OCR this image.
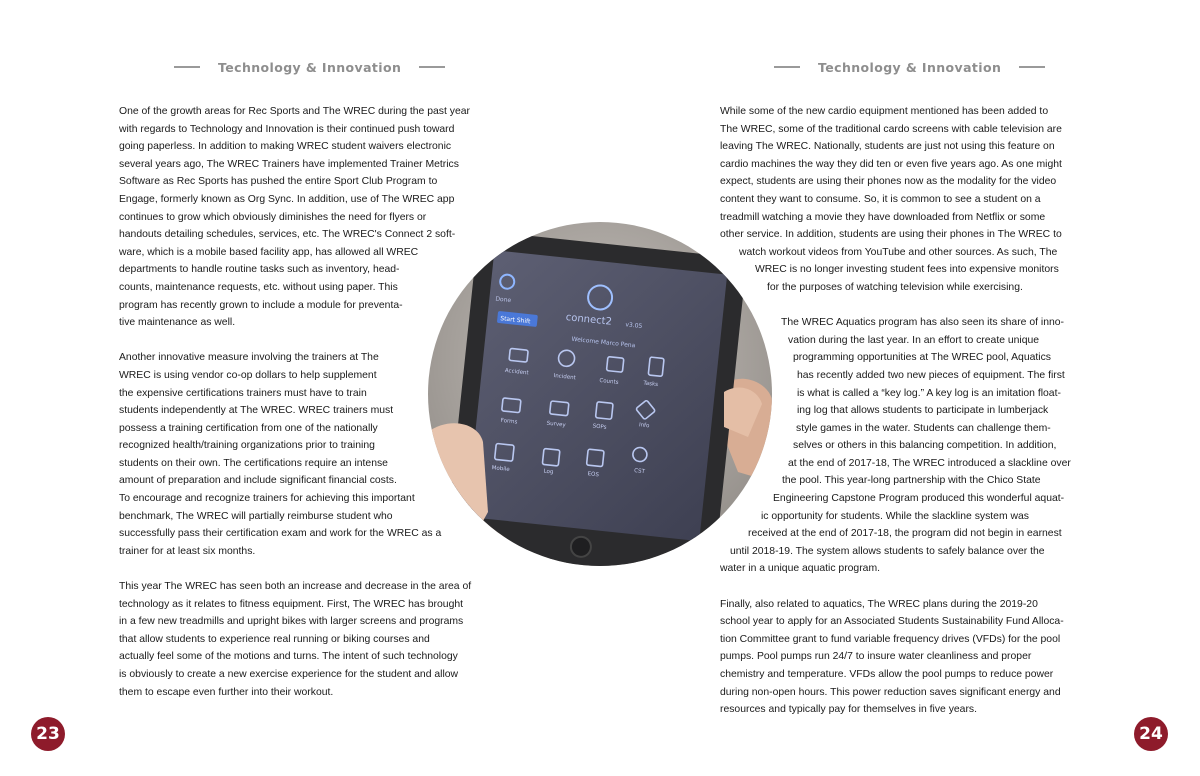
Technology & Innovation	Technology & Innovation
One of the growth areas for Rec Sports and The WREC during the past year
with regards to Technology and Innovation is their continued push toward
going paperless. In addition to making WREC student waivers electronic
several years ago, The WREC Trainers have implemented Trainer Metrics
Software as Rec Sports has pushed the entire Sport Club Program to
Engage, formerly known as Org Sync. In addition, use of The WREC app
continues to grow which obviously diminishes the need for flyers or
handouts detailing schedules, services, etc. The WREC's Connect 2 soft-
ware, which is a mobile based facility app, has allowed all WREC
departments to handle routine tasks such as inventory, head-
counts, maintenance requests, etc. without using paper. This
program has recently grown to include a module for preventa-
tive maintenance as well.
Another innovative measure involving the trainers at The
WREC is using vendor co-op dollars to help supplement
the expensive certifications trainers must have to train
students independently at The WREC. WREC trainers must
possess a training certification from one of the nationally
recognized health/training organizations prior to training
students on their own. The certifications require an intense
amount of preparation and include significant financial costs.
To encourage and recognize trainers for achieving this important
benchmark, The WREC will partially reimburse student who
successfully pass their certification exam and work for the WREC as a
trainer for at least six months.
This year The WREC has seen both an increase and decrease in the area of
technology as it relates to fitness equipment. First, The WREC has brought
in a few new treadmills and upright bikes with larger screens and programs
that allow students to experience real running or biking courses and
actually feel some of the motions and turns. The intent of such technology
is obviously to create a new exercise experience for the student and allow
them to escape even further into their workout.
While some of the new cardio equipment mentioned has been added to
The WREC, some of the traditional cardo screens with cable television are
leaving The WREC. Nationally, students are just not using this feature on
cardio machines the way they did ten or even five years ago. As one might
expect, students are using their phones now as the modality for the video
content they want to consume. So, it is common to see a student on a
treadmill watching a movie they have downloaded from Netflix or some
other service. In addition, students are using their phones in The WREC to
watch workout videos from YouTube and other sources. As such, The
WREC is no longer investing student fees into expensive monitors
for the purposes of watching television while exercising.
The WREC Aquatics program has also seen its share of inno-
vation during the last year. In an effort to create unique
programming opportunities at The WREC pool, Aquatics
has recently added two new pieces of equipment. The first
is what is called a “key log.” A key log is an imitation float-
ing log that allows students to participate in lumberjack
style games in the water. Students can challenge them-
selves or others in this balancing competition. In addition,
at the end of 2017-18, The WREC introduced a slackline over
the pool. This year-long partnership with the Chico State
Engineering Capstone Program produced this wonderful aquat-
ic opportunity for students. While the slackline system was
received at the end of 2017-18, the program did not begin in earnest
until 2018-19. The system allows students to safely balance over the
water in a unique aquatic program.
Finally, also related to aquatics, The WREC plans during the 2019-20
school year to apply for an Associated Students Sustainability Fund Alloca-
tion Committee grant to fund variable frequency drives (VFDs) for the pool
pumps. Pool pumps run 24/7 to insure water cleanliness and proper
chemistry and temperature. VFDs allow the pool pumps to reduce power
during non-open hours. This power reduction saves significant energy and
resources and typically pay for themselves in five years.
Done
connect2 v3.05
Start Shift
Welcome Marco Pena
Accident
Incident
Counts	Tasks
Forms	Survey	SOPs	Info
Mobile	Log	EOS	CST
23	24
